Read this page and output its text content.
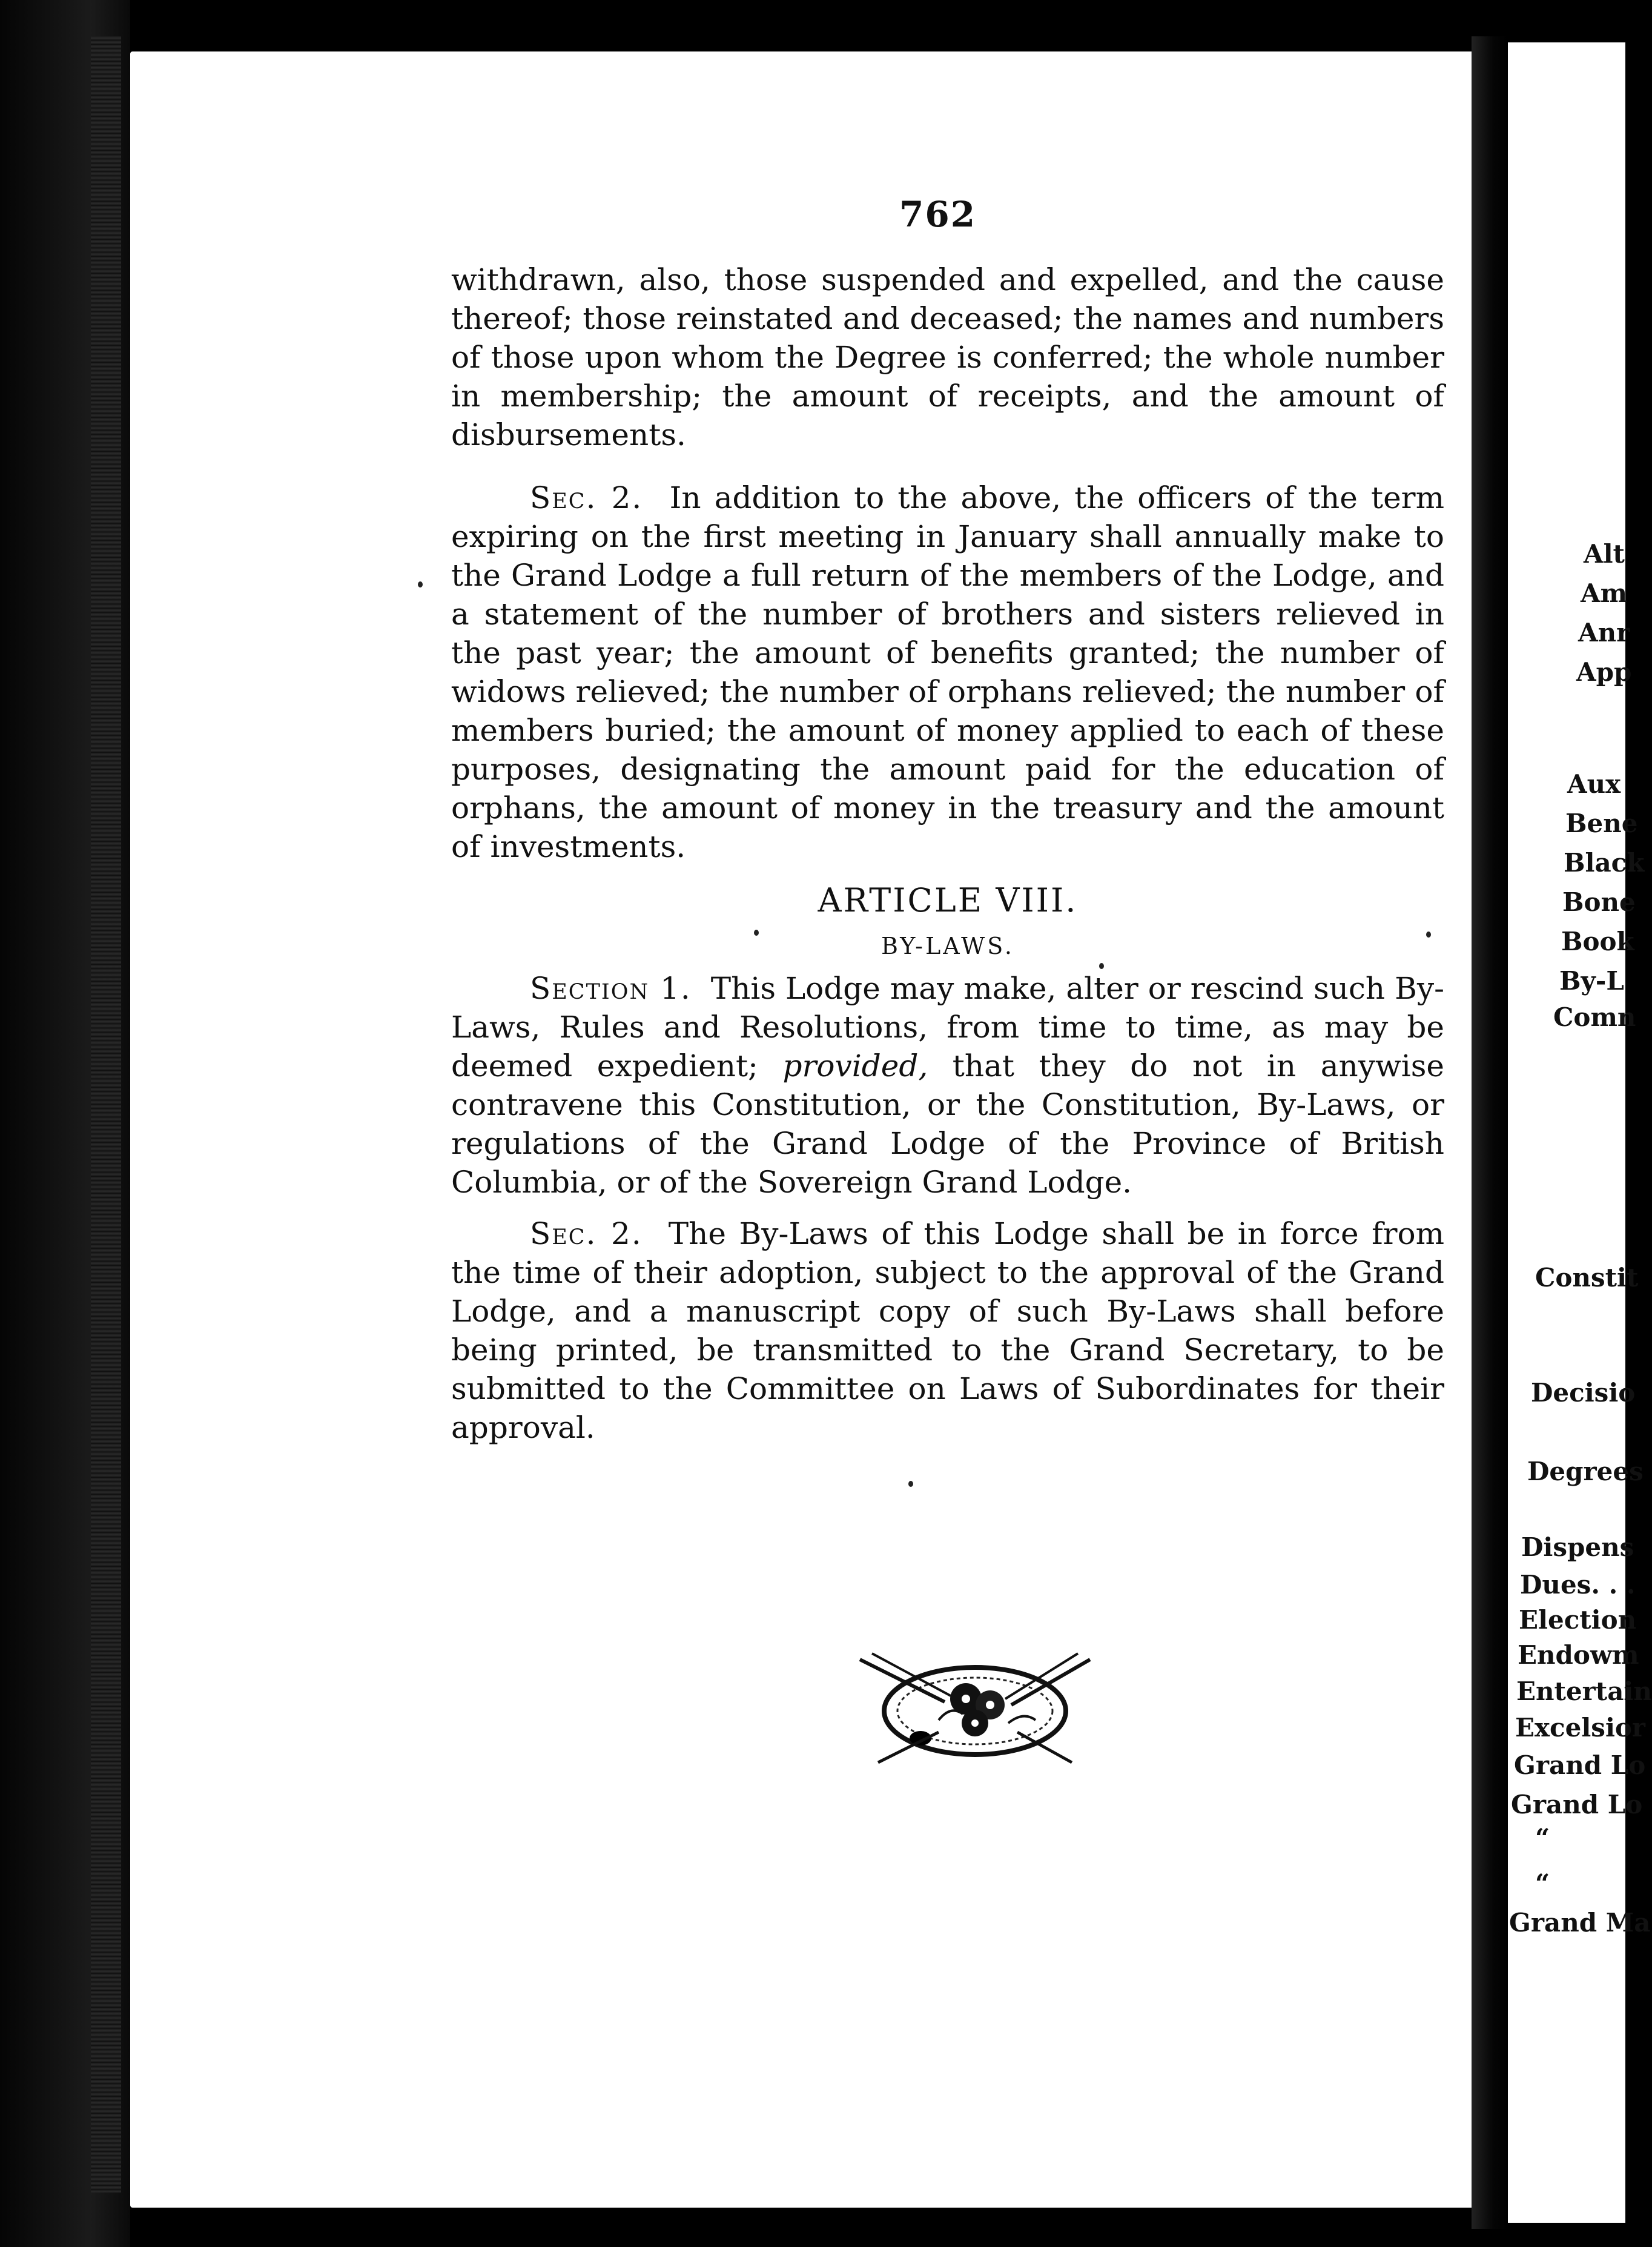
762
withdrawn, also, those suspended and expelled, and the cause thereof; those reinstated and deceased; the names and numbers of those upon whom the Degree is conferred; the whole number in membership; the amount of receipts, and the amount of disbursements.
Sec. 2. In addition to the above, the officers of the term expiring on the first meeting in January shall annually make to the Grand Lodge a full return of the members of the Lodge, and a statement of the number of brothers and sisters relieved in the past year; the amount of benefits granted; the number of widows relieved; the number of orphans relieved; the number of members buried; the amount of money applied to each of these purposes, designating the amount paid for the education of orphans, the amount of money in the treasury and the amount of investments.
ARTICLE VIII.
BY-LAWS.
Section 1. This Lodge may make, alter or rescind such By-Laws, Rules and Resolutions, from time to time, as may be deemed expedient; provided, that they do not in anywise contravene this Constitution, or the Constitution, By-Laws, or regulations of the Grand Lodge of the Province of British Columbia, or of the Sovereign Grand Lodge.
Sec. 2. The By-Laws of this Lodge shall be in force from the time of their adoption, subject to the approval of the Grand Lodge, and a manuscript copy of such By-Laws shall before being printed, be transmitted to the Grand Secretary, to be submitted to the Committee on Laws of Subordinates for their approval.
Alt
Am
Anr
App
Aux
Bene
Black
Bone
Book
By-L
Comn
Constit
Decisio
Degrees
Dispens
Dues. . .
Election
Endowm
Entertain
Excelsior
Grand Lo
Grand Lo
“
“
Grand Ma
